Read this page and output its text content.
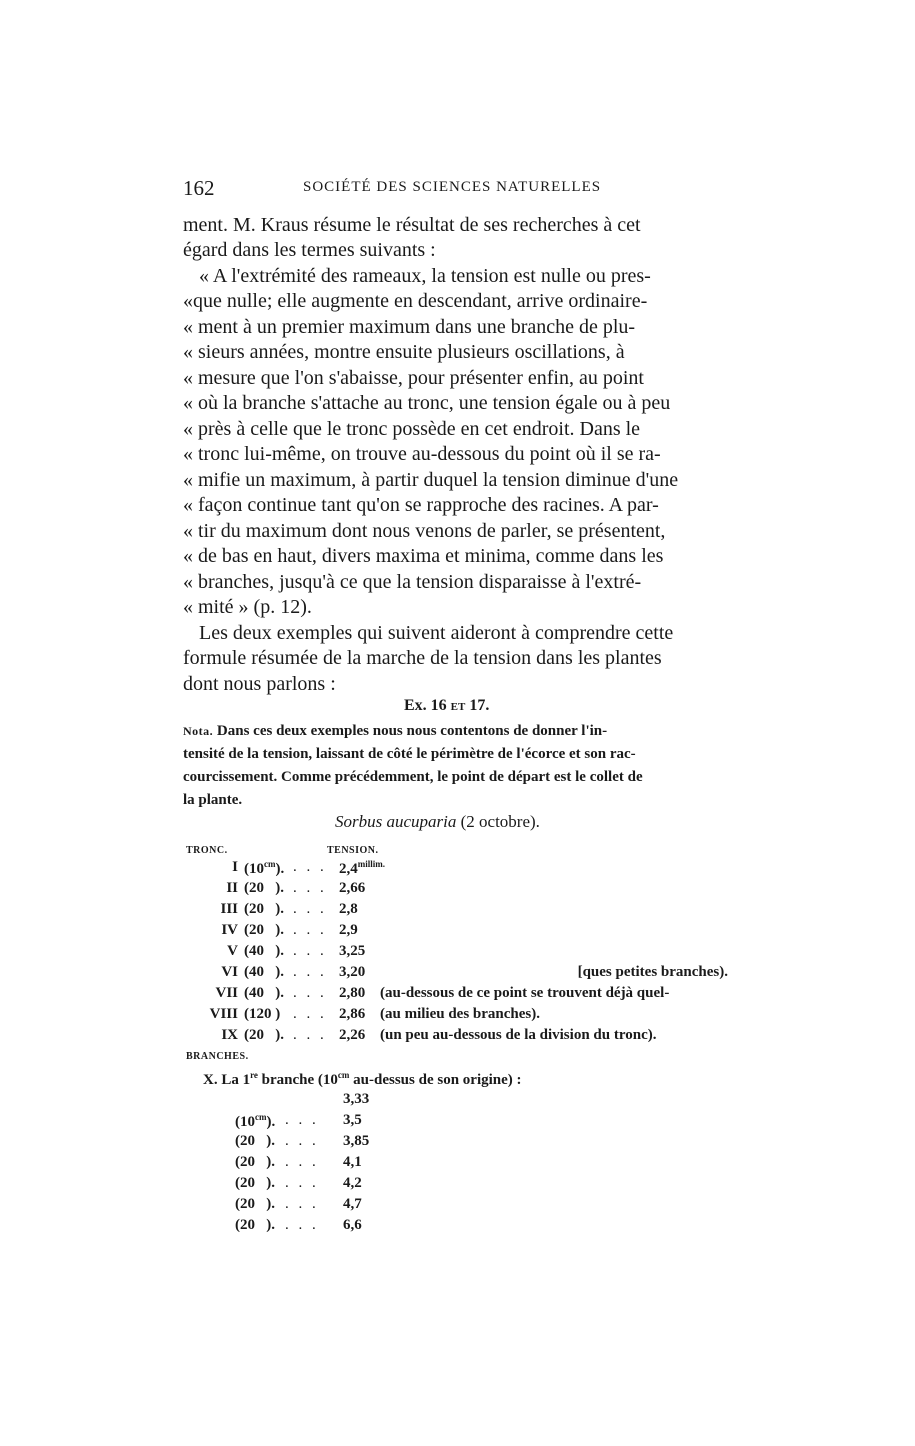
162	SOCIÉTÉ DES SCIENCES NATURELLES
ment. M. Kraus résume le résultat de ses recherches à cet
égard dans les termes suivants :
« A l'extrémité des rameaux, la tension est nulle ou pres-
«que nulle; elle augmente en descendant, arrive ordinaire-
« ment à un premier maximum dans une branche de plu-
« sieurs années, montre ensuite plusieurs oscillations, à
« mesure que l'on s'abaisse, pour présenter enfin, au point
« où la branche s'attache au tronc, une tension égale ou à peu
« près à celle que le tronc possède en cet endroit. Dans le
« tronc lui-même, on trouve au-dessous du point où il se ra-
« mifie un maximum, à partir duquel la tension diminue d'une
« façon continue tant qu'on se rapproche des racines. A par-
« tir du maximum dont nous venons de parler, se présentent,
« de bas en haut, divers maxima et minima, comme dans les
« branches, jusqu'à ce que la tension disparaisse à l'extré-
« mité » (p. 12).
Les deux exemples qui suivent aideront à comprendre cette
formule résumée de la marche de la tension dans les plantes
dont nous parlons :
Ex. 16 ET 17.
Nota. Dans ces deux exemples nous nous contentons de donner l'in-
tensité de la tension, laissant de côté le périmètre de l'écorce et son rac-
courcissement. Comme précédemment, le point de départ est le collet de
la plante.
Sorbus aucuparia (2 octobre).
TRONC.	TENSION.
I $(10^{cm})$. . . . $2,4^{millim.}$
II (20 ). . . . 2,66
III (20 ). . . . 2,8
IV (20 ). . . . 2,9
V (40 ). . . . 3,25
VI (40 ). . . . 3,20	[ques petites branches).
VII (40 ). . . . 2,80 (au-dessous de ce point se trouvent déjà quel-
VIII (120 ) . . . 2,86 (au milieu des branches).
IX (20 ). . . . 2,26 (un peu au-dessous de la division du tronc).
BRANCHES.
X. La 1re branche ($10^{cm}$ au-dessus de son origine) :
3,33
$(10^{cm})$. . . . 3,5
(20 ). . . . 3,85
(20 ). . . . 4,1
(20 ). . . . 4,2
(20 ). . . . 4,7
(20 ). . . . 6,6
